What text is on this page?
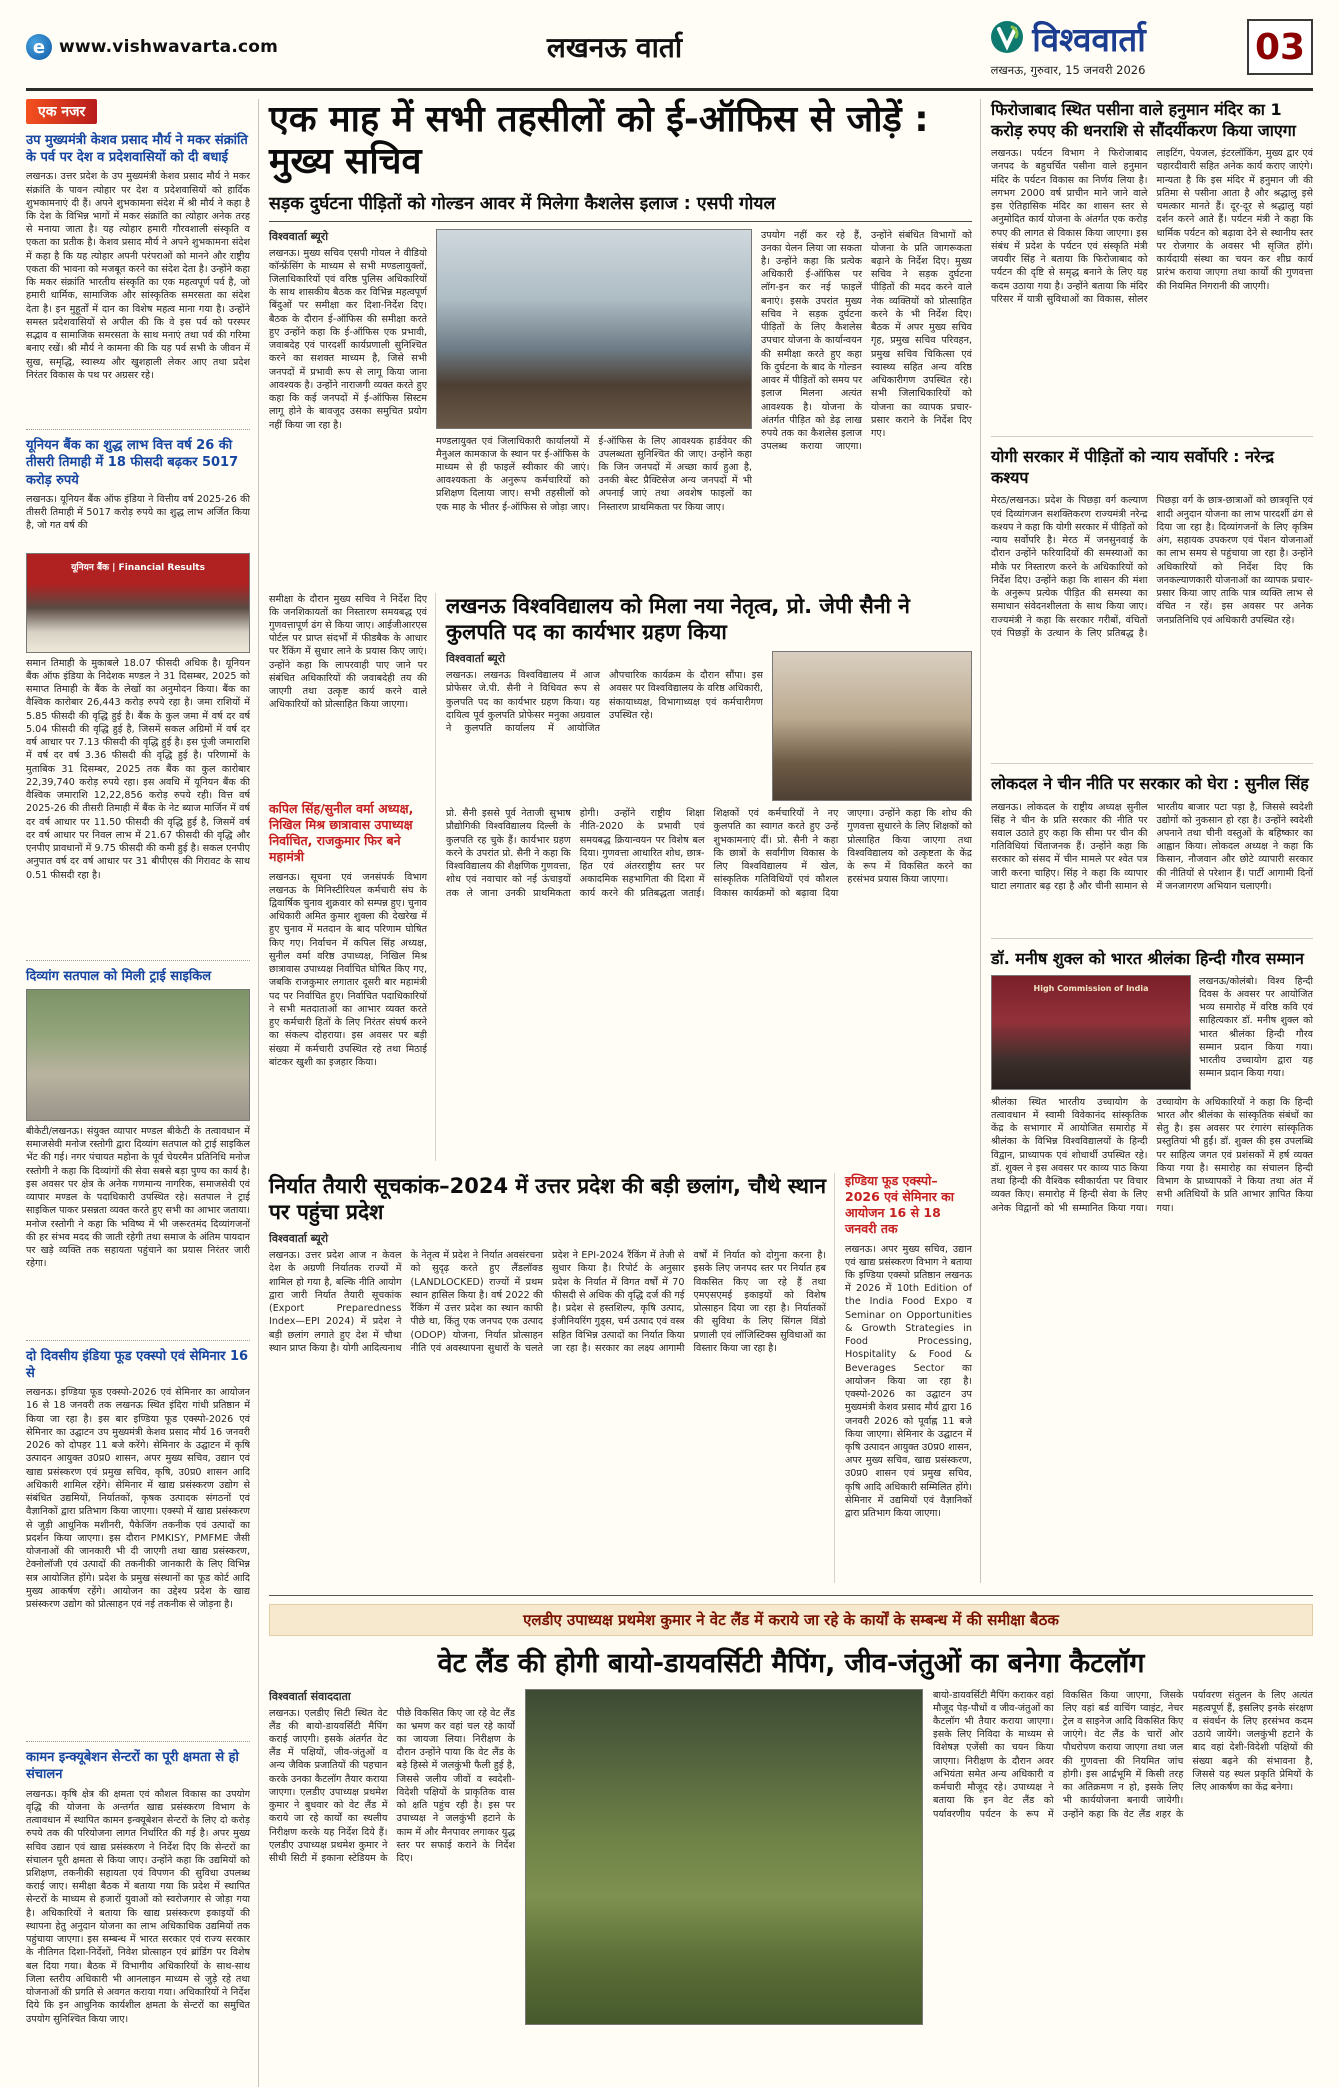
e www.vishwavarta.com	लखनऊ वार्ता	विश्ववार्ता
लखनऊ, गुरुवार, 15 जनवरी 2026
03
एक नजर
उप मुख्यमंत्री केशव प्रसाद मौर्य ने मकर संक्रांति के पर्व पर देश व प्रदेशवासियों को दी बधाई

लखनऊ। उत्तर प्रदेश के उप मुख्यमंत्री केशव प्रसाद मौर्य ने मकर संक्रांति के पावन त्योहार पर देश व प्रदेशवासियों को हार्दिक शुभकामनाएं दी हैं। अपने शुभकामना संदेश में श्री मौर्य ने कहा है कि देश के विभिन्न भागों में मकर संक्रांति का त्योहार अनेक तरह से मनाया जाता है। यह त्योहार हमारी गौरवशाली संस्कृति व एकता का प्रतीक है। केशव प्रसाद मौर्य ने अपने शुभकामना संदेश में कहा है कि यह त्योहार अपनी परंपराओं को मानने और राष्ट्रीय एकता की भावना को मजबूत करने का संदेश देता है। उन्होंने कहा कि मकर संक्रांति भारतीय संस्कृति का एक महत्वपूर्ण पर्व है, जो हमारी धार्मिक, सामाजिक और सांस्कृतिक समरसता का संदेश देता है। इन मुहूर्तों में दान का विशेष महत्व माना गया है। उन्होंने समस्त प्रदेशवासियों से अपील की कि वे इस पर्व को परस्पर सद्भाव व सामाजिक समरसता के साथ मनाएं तथा पर्व की गरिमा बनाए रखें। श्री मौर्य ने कामना की कि यह पर्व सभी के जीवन में सुख, समृद्धि, स्वास्थ्य और खुशहाली लेकर आए तथा प्रदेश निरंतर विकास के पथ पर अग्रसर रहे।

यूनियन बैंक का शुद्ध लाभ वित्त वर्ष 26 की तीसरी तिमाही में 18 फीसदी बढ़कर 5017 करोड़ रुपये

लखनऊ। यूनियन बैंक ऑफ इंडिया ने वित्तीय वर्ष 2025-26 की तीसरी तिमाही में 5017 करोड़ रुपये का शुद्ध लाभ अर्जित किया है, जो गत वर्ष की

यूनियन बैंक | Financial Results

समान तिमाही के मुकाबले 18.07 फीसदी अधिक है। यूनियन बैंक ऑफ इंडिया के निदेशक मण्डल ने 31 दिसम्बर, 2025 को समाप्त तिमाही के बैंक के लेखों का अनुमोदन किया। बैंक का वैश्विक कारोबार 26,443 करोड़ रुपये रहा है। जमा राशियों में 5.85 फीसदी की वृद्धि हुई है। बैंक के कुल जमा में वर्ष दर वर्ष 5.04 फीसदी की वृद्धि हुई है, जिसमें सकल अग्रिमों में वर्ष दर वर्ष आधार पर 7.13 फीसदी की वृद्धि हुई है। इस पूंजी जमाराशि में वर्ष दर वर्ष 3.36 फीसदी की वृद्धि हुई है। परिणामों के मुताबिक 31 दिसम्बर, 2025 तक बैंक का कुल कारोबार 22,39,740 करोड़ रुपये रहा। इस अवधि में यूनियन बैंक की वैश्विक जमाराशि 12,22,856 करोड़ रुपये रही। वित्त वर्ष 2025-26 की तीसरी तिमाही में बैंक के नेट ब्याज मार्जिन में वर्ष दर वर्ष आधार पर 11.50 फीसदी की वृद्धि हुई है, जिसमें वर्ष दर वर्ष आधार पर निवल लाभ में 21.67 फीसदी की वृद्धि और एनपीए प्रावधानों में 9.75 फीसदी की कमी हुई है। सकल एनपीए अनुपात वर्ष दर वर्ष आधार पर 31 बीपीएस की गिरावट के साथ 0.51 फीसदी रहा है।

दिव्यांग सतपाल को मिली ट्राई साइकिल

बीकेटी/लखनऊ। संयुक्त व्यापार मण्डल बीकेटी के तत्वावधान में समाजसेवी मनोज रस्तोगी द्वारा दिव्यांग सतपाल को ट्राई साइकिल भेंट की गई। नगर पंचायत महोना के पूर्व चेयरमैन प्रतिनिधि मनोज रस्तोगी ने कहा कि दिव्यांगों की सेवा सबसे बड़ा पुण्य का कार्य है। इस अवसर पर क्षेत्र के अनेक गणमान्य नागरिक, समाजसेवी एवं व्यापार मण्डल के पदाधिकारी उपस्थित रहे। सतपाल ने ट्राई साइकिल पाकर प्रसन्नता व्यक्त करते हुए सभी का आभार जताया। मनोज रस्तोगी ने कहा कि भविष्य में भी जरूरतमंद दिव्यांगजनों की हर संभव मदद की जाती रहेगी तथा समाज के अंतिम पायदान पर खड़े व्यक्ति तक सहायता पहुंचाने का प्रयास निरंतर जारी रहेगा।

दो दिवसीय इंडिया फूड एक्स्पो एवं सेमिनार 16 से

लखनऊ। इण्डिया फूड एक्स्पो-2026 एवं सेमिनार का आयोजन 16 से 18 जनवरी तक लखनऊ स्थित इंदिरा गांधी प्रतिष्ठान में किया जा रहा है। इस बार इण्डिया फूड एक्स्पो-2026 एवं सेमिनार का उद्घाटन उप मुख्यमंत्री केशव प्रसाद मौर्य 16 जनवरी 2026 को दोपहर 11 बजे करेंगे। सेमिनार के उद्घाटन में कृषि उत्पादन आयुक्त उ0प्र0 शासन, अपर मुख्य सचिव, उद्यान एवं खाद्य प्रसंस्करण एवं प्रमुख सचिव, कृषि, उ0प्र0 शासन आदि अधिकारी शामिल रहेंगे। सेमिनार में खाद्य प्रसंस्करण उद्योग से संबंधित उद्यमियों, निर्यातकों, कृषक उत्पादक संगठनों एवं वैज्ञानिकों द्वारा प्रतिभाग किया जाएगा। एक्स्पो में खाद्य प्रसंस्करण से जुड़ी आधुनिक मशीनरी, पैकेजिंग तकनीक एवं उत्पादों का प्रदर्शन किया जाएगा। इस दौरान PMKISY, PMFME जैसी योजनाओं की जानकारी भी दी जाएगी तथा खाद्य प्रसंस्करण, टेक्नोलॉजी एवं उत्पादों की तकनीकी जानकारी के लिए विभिन्न सत्र आयोजित होंगे। प्रदेश के प्रमुख संस्थानों का फूड कोर्ट आदि मुख्य आकर्षण रहेंगे। आयोजन का उद्देश्य प्रदेश के खाद्य प्रसंस्करण उद्योग को प्रोत्साहन एवं नई तकनीक से जोड़ना है।

कामन इन्क्यूबेशन सेन्टरों का पूरी क्षमता से हो संचालन

लखनऊ। कृषि क्षेत्र की क्षमता एवं कौशल विकास का उपयोग वृद्धि की योजना के अन्तर्गत खाद्य प्रसंस्करण विभाग के तत्वावधान में स्थापित कामन इन्क्यूबेशन सेन्टरों के लिए दो करोड़ रुपये तक की परियोजना लागत निर्धारित की गई है। अपर मुख्य सचिव उद्यान एवं खाद्य प्रसंस्करण ने निर्देश दिए कि सेन्टरों का संचालन पूरी क्षमता से किया जाए। उन्होंने कहा कि उद्यमियों को प्रशिक्षण, तकनीकी सहायता एवं विपणन की सुविधा उपलब्ध कराई जाए। समीक्षा बैठक में बताया गया कि प्रदेश में स्थापित सेन्टरों के माध्यम से हजारों युवाओं को स्वरोजगार से जोड़ा गया है। अधिकारियों ने बताया कि खाद्य प्रसंस्करण इकाइयों की स्थापना हेतु अनुदान योजना का लाभ अधिकाधिक उद्यमियों तक पहुंचाया जाएगा। इस सम्बन्ध में भारत सरकार एवं राज्य सरकार के नीतिगत दिशा-निर्देशों, निवेश प्रोत्साहन एवं ब्रांडिंग पर विशेष बल दिया गया। बैठक में विभागीय अधिकारियों के साथ-साथ जिला स्तरीय अधिकारी भी आनलाइन माध्यम से जुड़े रहे तथा योजनाओं की प्रगति से अवगत कराया गया। अधिकारियों ने निर्देश दिये कि इन आधुनिक कार्यशील क्षमता के सेन्टरों का समुचित उपयोग सुनिश्चित किया जाए।

एक माह में सभी तहसीलों को ई-ऑफिस से जोड़ें : मुख्य सचिव
सड़क दुर्घटना पीड़ितों को गोल्डन आवर में मिलेगा कैशलेस इलाज : एसपी गोयल
विश्ववार्ता ब्यूरो

लखनऊ। मुख्य सचिव एसपी गोयल ने वीडियो कॉन्फ्रेंसिंग के माध्यम से सभी मण्डलायुक्तों, जिलाधिकारियों एवं वरिष्ठ पुलिस अधिकारियों के साथ शासकीय बैठक कर विभिन्न महत्वपूर्ण बिंदुओं पर समीक्षा कर दिशा-निर्देश दिए। बैठक के दौरान ई-ऑफिस की समीक्षा करते हुए उन्होंने कहा कि ई-ऑफिस एक प्रभावी, जवाबदेह एवं पारदर्शी कार्यप्रणाली सुनिश्चित करने का सशक्त माध्यम है, जिसे सभी जनपदों में प्रभावी रूप से लागू किया जाना आवश्यक है। उन्होंने नाराजगी व्यक्त करते हुए कहा कि कई जनपदों में ई-ऑफिस सिस्टम लागू होने के बावजूद उसका समुचित प्रयोग नहीं किया जा रहा है।

मण्डलायुक्त एवं जिलाधिकारी कार्यालयों में मैनुअल कामकाज के स्थान पर ई-ऑफिस के माध्यम से ही फाइलें स्वीकार की जाएं। आवश्यकता के अनुरूप कर्मचारियों को प्रशिक्षण दिलाया जाए। सभी तहसीलों को एक माह के भीतर ई-ऑफिस से जोड़ा जाए। ई-ऑफिस के लिए आवश्यक हार्डवेयर की उपलब्धता सुनिश्चित की जाए। उन्होंने कहा कि जिन जनपदों में अच्छा कार्य हुआ है, उनकी बेस्ट प्रैक्टिसेज अन्य जनपदों में भी अपनाई जाएं तथा अवशेष फाइलों का निस्तारण प्राथमिकता पर किया जाए।

उपयोग नहीं कर रहे हैं, उनका येलन लिया जा सकता है। उन्होंने कहा कि प्रत्येक अधिकारी ई-ऑफिस पर लॉग-इन कर नई फाइलें बनाएं। इसके उपरांत मुख्य सचिव ने सड़क दुर्घटना पीड़ितों के लिए कैशलेस उपचार योजना के कार्यान्वयन की समीक्षा करते हुए कहा कि दुर्घटना के बाद के गोल्डन आवर में पीड़ितों को समय पर इलाज मिलना अत्यंत आवश्यक है। योजना के अंतर्गत पीड़ित को डेढ़ लाख रुपये तक का कैशलेस इलाज उपलब्ध कराया जाएगा। उन्होंने संबंधित विभागों को योजना के प्रति जागरूकता बढ़ाने के निर्देश दिए। मुख्य सचिव ने सड़क दुर्घटना पीड़ितों की मदद करने वाले नेक व्यक्तियों को प्रोत्साहित करने के भी निर्देश दिए। बैठक में अपर मुख्य सचिव गृह, प्रमुख सचिव परिवहन, प्रमुख सचिव चिकित्सा एवं स्वास्थ्य सहित अन्य वरिष्ठ अधिकारीगण उपस्थित रहे। सभी जिलाधिकारियों को योजना का व्यापक प्रचार-प्रसार कराने के निर्देश दिए गए।

समीक्षा के दौरान मुख्य सचिव ने निर्देश दिए कि जनशिकायतों का निस्तारण समयबद्ध एवं गुणवत्तापूर्ण ढंग से किया जाए। आईजीआरएस पोर्टल पर प्राप्त संदर्भों में फीडबैक के आधार पर रैंकिंग में सुधार लाने के प्रयास किए जाएं। उन्होंने कहा कि लापरवाही पाए जाने पर संबंधित अधिकारियों की जवाबदेही तय की जाएगी तथा उत्कृष्ट कार्य करने वाले अधिकारियों को प्रोत्साहित किया जाएगा।

कपिल सिंह/सुनील वर्मा अध्यक्ष, निखिल मिश्र छात्रावास उपाध्यक्ष निर्वाचित, राजकुमार फिर बने महामंत्री

लखनऊ। सूचना एवं जनसंपर्क विभाग लखनऊ के मिनिस्टीरियल कर्मचारी संघ के द्विवार्षिक चुनाव शुक्रवार को सम्पन्न हुए। चुनाव अधिकारी अमित कुमार शुक्ला की देखरेख में हुए चुनाव में मतदान के बाद परिणाम घोषित किए गए। निर्वाचन में कपिल सिंह अध्यक्ष, सुनील वर्मा वरिष्ठ उपाध्यक्ष, निखिल मिश्र छात्रावास उपाध्यक्ष निर्वाचित घोषित किए गए, जबकि राजकुमार लगातार दूसरी बार महामंत्री पद पर निर्वाचित हुए। निर्वाचित पदाधिकारियों ने सभी मतदाताओं का आभार व्यक्त करते हुए कर्मचारी हितों के लिए निरंतर संघर्ष करने का संकल्प दोहराया। इस अवसर पर बड़ी संख्या में कर्मचारी उपस्थित रहे तथा मिठाई बांटकर खुशी का इजहार किया।

लखनऊ विश्वविद्यालय को मिला नया नेतृत्व, प्रो. जेपी सैनी ने कुलपति पद का कार्यभार ग्रहण किया
विश्ववार्ता ब्यूरो

लखनऊ। लखनऊ विश्वविद्यालय में आज प्रोफेसर जे.पी. सैनी ने विधिवत रूप से कुलपति पद का कार्यभार ग्रहण किया। यह दायित्व पूर्व कुलपति प्रोफेसर मनुका अग्रवाल ने कुलपति कार्यालय में आयोजित औपचारिक कार्यक्रम के दौरान सौंपा। इस अवसर पर विश्वविद्यालय के वरिष्ठ अधिकारी, संकायाध्यक्ष, विभागाध्यक्ष एवं कर्मचारीगण उपस्थित रहे।

प्रो. सैनी इससे पूर्व नेताजी सुभाष प्रौद्योगिकी विश्वविद्यालय दिल्ली के कुलपति रह चुके हैं। कार्यभार ग्रहण करने के उपरांत प्रो. सैनी ने कहा कि विश्वविद्यालय की शैक्षणिक गुणवत्ता, शोध एवं नवाचार को नई ऊंचाइयों तक ले जाना उनकी प्राथमिकता होगी। उन्होंने राष्ट्रीय शिक्षा नीति-2020 के प्रभावी एवं समयबद्ध क्रियान्वयन पर विशेष बल दिया। गुणवत्ता आधारित शोध, छात्र-हित एवं अंतरराष्ट्रीय स्तर पर अकादमिक सहभागिता की दिशा में कार्य करने की प्रतिबद्धता जताई। शिक्षकों एवं कर्मचारियों ने नए कुलपति का स्वागत करते हुए उन्हें शुभकामनाएं दीं। प्रो. सैनी ने कहा कि छात्रों के सर्वांगीण विकास के लिए विश्वविद्यालय में खेल, सांस्कृतिक गतिविधियों एवं कौशल विकास कार्यक्रमों को बढ़ावा दिया जाएगा। उन्होंने कहा कि शोध की गुणवत्ता सुधारने के लिए शिक्षकों को प्रोत्साहित किया जाएगा तथा विश्वविद्यालय को उत्कृष्टता के केंद्र के रूप में विकसित करने का हरसंभव प्रयास किया जाएगा।

निर्यात तैयारी सूचकांक–2024 में उत्तर प्रदेश की बड़ी छलांग, चौथे स्थान पर पहुंचा प्रदेश
विश्ववार्ता ब्यूरो

लखनऊ। उत्तर प्रदेश आज न केवल देश के अग्रणी निर्यातक राज्यों में शामिल हो गया है, बल्कि नीति आयोग द्वारा जारी निर्यात तैयारी सूचकांक (Export Preparedness Index—EPI 2024) में प्रदेश ने बड़ी छलांग लगाते हुए देश में चौथा स्थान प्राप्त किया है। योगी आदित्यनाथ के नेतृत्व में प्रदेश ने निर्यात अवसंरचना को सुदृढ़ करते हुए लैंडलॉक्ड (LANDLOCKED) राज्यों में प्रथम स्थान हासिल किया है। वर्ष 2022 की रैंकिंग में उत्तर प्रदेश का स्थान काफी पीछे था, किंतु एक जनपद एक उत्पाद (ODOP) योजना, निर्यात प्रोत्साहन नीति एवं अवस्थापना सुधारों के चलते प्रदेश ने EPI-2024 रैंकिंग में तेजी से सुधार किया है। रिपोर्ट के अनुसार प्रदेश के निर्यात में विगत वर्षों में 70 फीसदी से अधिक की वृद्धि दर्ज की गई है। प्रदेश से हस्तशिल्प, कृषि उत्पाद, इंजीनियरिंग गुड्स, चर्म उत्पाद एवं वस्त्र सहित विभिन्न उत्पादों का निर्यात किया जा रहा है। सरकार का लक्ष्य आगामी वर्षों में निर्यात को दोगुना करना है। इसके लिए जनपद स्तर पर निर्यात हब विकसित किए जा रहे हैं तथा एमएसएमई इकाइयों को विशेष प्रोत्साहन दिया जा रहा है। निर्यातकों की सुविधा के लिए सिंगल विंडो प्रणाली एवं लॉजिस्टिक्स सुविधाओं का विस्तार किया जा रहा है।

इण्डिया फूड एक्स्पो–2026 एवं सेमिनार का आयोजन 16 से 18 जनवरी तक

लखनऊ। अपर मुख्य सचिव, उद्यान एवं खाद्य प्रसंस्करण विभाग ने बताया कि इण्डिया एक्स्पो प्रतिष्ठान लखनऊ में 2026 में 10th Edition of the India Food Expo व Seminar on Opportunities & Growth Strategies in Food Processing, Hospitality & Food & Beverages Sector का आयोजन किया जा रहा है। एक्स्पो-2026 का उद्घाटन उप मुख्यमंत्री केशव प्रसाद मौर्य द्वारा 16 जनवरी 2026 को पूर्वाह्न 11 बजे किया जाएगा। सेमिनार के उद्घाटन में कृषि उत्पादन आयुक्त उ0प्र0 शासन, अपर मुख्य सचिव, खाद्य प्रसंस्करण, उ0प्र0 शासन एवं प्रमुख सचिव, कृषि आदि अधिकारी सम्मिलित होंगे। सेमिनार में उद्यमियों एवं वैज्ञानिकों द्वारा प्रतिभाग किया जाएगा।

फिरोजाबाद स्थित पसीना वाले हनुमान मंदिर का 1 करोड़ रुपए की धनराशि से सौंदर्यीकरण किया जाएगा

लखनऊ। पर्यटन विभाग ने फिरोजाबाद जनपद के बहुचर्चित पसीना वाले हनुमान मंदिर के पर्यटन विकास का निर्णय लिया है। लगभग 2000 वर्ष प्राचीन माने जाने वाले इस ऐतिहासिक मंदिर का शासन स्तर से अनुमोदित कार्य योजना के अंतर्गत एक करोड़ रुपए की लागत से विकास किया जाएगा। इस संबंध में प्रदेश के पर्यटन एवं संस्कृति मंत्री जयवीर सिंह ने बताया कि फिरोजाबाद को पर्यटन की दृष्टि से समृद्ध बनाने के लिए यह कदम उठाया गया है। उन्होंने बताया कि मंदिर परिसर में यात्री सुविधाओं का विकास, सोलर लाइटिंग, पेयजल, इंटरलॉकिंग, मुख्य द्वार एवं चहारदीवारी सहित अनेक कार्य कराए जाएंगे। मान्यता है कि इस मंदिर में हनुमान जी की प्रतिमा से पसीना आता है और श्रद्धालु इसे चमत्कार मानते हैं। दूर-दूर से श्रद्धालु यहां दर्शन करने आते हैं। पर्यटन मंत्री ने कहा कि धार्मिक पर्यटन को बढ़ावा देने से स्थानीय स्तर पर रोजगार के अवसर भी सृजित होंगे। कार्यदायी संस्था का चयन कर शीघ्र कार्य प्रारंभ कराया जाएगा तथा कार्यों की गुणवत्ता की नियमित निगरानी की जाएगी।

योगी सरकार में पीड़ितों को न्याय सर्वोपरि : नरेन्द्र कश्यप

मेरठ/लखनऊ। प्रदेश के पिछड़ा वर्ग कल्याण एवं दिव्यांगजन सशक्तिकरण राज्यमंत्री नरेन्द्र कश्यप ने कहा कि योगी सरकार में पीड़ितों को न्याय सर्वोपरि है। मेरठ में जनसुनवाई के दौरान उन्होंने फरियादियों की समस्याओं का मौके पर निस्तारण करने के अधिकारियों को निर्देश दिए। उन्होंने कहा कि शासन की मंशा के अनुरूप प्रत्येक पीड़ित की समस्या का समाधान संवेदनशीलता के साथ किया जाए। राज्यमंत्री ने कहा कि सरकार गरीबों, वंचितों एवं पिछड़ों के उत्थान के लिए प्रतिबद्ध है। पिछड़ा वर्ग के छात्र-छात्राओं को छात्रवृत्ति एवं शादी अनुदान योजना का लाभ पारदर्शी ढंग से दिया जा रहा है। दिव्यांगजनों के लिए कृत्रिम अंग, सहायक उपकरण एवं पेंशन योजनाओं का लाभ समय से पहुंचाया जा रहा है। उन्होंने अधिकारियों को निर्देश दिए कि जनकल्याणकारी योजनाओं का व्यापक प्रचार-प्रसार किया जाए ताकि पात्र व्यक्ति लाभ से वंचित न रहें। इस अवसर पर अनेक जनप्रतिनिधि एवं अधिकारी उपस्थित रहे।

लोकदल ने चीन नीति पर सरकार को घेरा : सुनील सिंह

लखनऊ। लोकदल के राष्ट्रीय अध्यक्ष सुनील सिंह ने चीन के प्रति सरकार की नीति पर सवाल उठाते हुए कहा कि सीमा पर चीन की गतिविधियां चिंताजनक हैं। उन्होंने कहा कि सरकार को संसद में चीन मामले पर श्वेत पत्र जारी करना चाहिए। सिंह ने कहा कि व्यापार घाटा लगातार बढ़ रहा है और चीनी सामान से भारतीय बाजार पटा पड़ा है, जिससे स्वदेशी उद्योगों को नुकसान हो रहा है। उन्होंने स्वदेशी अपनाने तथा चीनी वस्तुओं के बहिष्कार का आह्वान किया। लोकदल अध्यक्ष ने कहा कि किसान, नौजवान और छोटे व्यापारी सरकार की नीतियों से परेशान हैं। पार्टी आगामी दिनों में जनजागरण अभियान चलाएगी।

डॉ. मनीष शुक्ल को भारत श्रीलंका हिन्दी गौरव सम्मान
High Commission of India

लखनऊ/कोलंबो। विश्व हिन्दी दिवस के अवसर पर आयोजित भव्य समारोह में वरिष्ठ कवि एवं साहित्यकार डॉ. मनीष शुक्ल को भारत श्रीलंका हिन्दी गौरव सम्मान प्रदान किया गया। भारतीय उच्चायोग द्वारा यह सम्मान प्रदान किया गया।

श्रीलंका स्थित भारतीय उच्चायोग के तत्वावधान में स्वामी विवेकानंद सांस्कृतिक केंद्र के सभागार में आयोजित समारोह में श्रीलंका के विभिन्न विश्वविद्यालयों के हिन्दी विद्वान, प्राध्यापक एवं शोधार्थी उपस्थित रहे। डॉ. शुक्ल ने इस अवसर पर काव्य पाठ किया तथा हिन्दी की वैश्विक स्वीकार्यता पर विचार व्यक्त किए। समारोह में हिन्दी सेवा के लिए अनेक विद्वानों को भी सम्मानित किया गया। उच्चायोग के अधिकारियों ने कहा कि हिन्दी भारत और श्रीलंका के सांस्कृतिक संबंधों का सेतु है। इस अवसर पर रंगारंग सांस्कृतिक प्रस्तुतियां भी हुईं। डॉ. शुक्ल की इस उपलब्धि पर साहित्य जगत एवं प्रशंसकों में हर्ष व्यक्त किया गया है। समारोह का संचालन हिन्दी विभाग के प्राध्यापकों ने किया तथा अंत में सभी अतिथियों के प्रति आभार ज्ञापित किया गया।

एलडीए उपाध्यक्ष प्रथमेश कुमार ने वेट लैंड में कराये जा रहे के कार्यों के सम्बन्ध में की समीक्षा बैठक
वेट लैंड की होगी बायो-डायवर्सिटी मैपिंग, जीव-जंतुओं का बनेगा कैटलॉग
विश्ववार्ता संवाददाता

लखनऊ। एलडीए सिटी स्थित वेट लैंड की बायो-डायवर्सिटी मैपिंग कराई जाएगी। इसके अंतर्गत वेट लैंड में पक्षियों, जीव-जंतुओं व अन्य जैविक प्रजातियों की पहचान करके उनका कैटलॉग तैयार कराया जाएगा। एलडीए उपाध्यक्ष प्रथमेश कुमार ने बुधवार को वेट लैंड में कराये जा रहे कार्यों का स्थलीय निरीक्षण करके यह निर्देश दिये हैं। एलडीए उपाध्यक्ष प्रथमेश कुमार ने सीधी सिटी में इकाना स्टेडियम के पीछे विकसित किए जा रहे वेट लैंड का भ्रमण कर वहां चल रहे कार्यों का जायजा लिया। निरीक्षण के दौरान उन्होंने पाया कि वेट लैंड के बड़े हिस्से में जलकुंभी फैली हुई है, जिससे जलीय जीवों व स्वदेशी-विदेशी पक्षियों के प्राकृतिक वास को क्षति पहुंच रही है। इस पर उपाध्यक्ष ने जलकुंभी हटाने के काम में और मैनपावर लगाकर युद्ध स्तर पर सफाई कराने के निर्देश दिए।

बायो-डायवर्सिटी मैपिंग कराकर वहां मौजूद पेड़-पौधों व जीव-जंतुओं का कैटलॉग भी तैयार कराया जाएगा। इसके लिए निविदा के माध्यम से विशेषज्ञ एजेंसी का चयन किया जाएगा। निरीक्षण के दौरान अवर अभियंता समेत अन्य अधिकारी व कर्मचारी मौजूद रहे। उपाध्यक्ष ने बताया कि इन वेट लैंड को पर्यावरणीय पर्यटन के रूप में विकसित किया जाएगा, जिसके लिए वहां बर्ड वाचिंग प्वाइंट, नेचर ट्रेल व साइनेज आदि विकसित किए जाएंगे। वेट लैंड के चारों ओर पौधरोपण कराया जाएगा तथा जल की गुणवत्ता की नियमित जांच होगी। इस आर्द्रभूमि में किसी तरह का अतिक्रमण न हो, इसके लिए भी कार्ययोजना बनायी जायेगी। उन्होंने कहा कि वेट लैंड शहर के पर्यावरण संतुलन के लिए अत्यंत महत्वपूर्ण हैं, इसलिए इनके संरक्षण व संवर्धन के लिए हरसंभव कदम उठाये जायेंगे। जलकुंभी हटाने के बाद वहां देशी-विदेशी पक्षियों की संख्या बढ़ने की संभावना है, जिससे यह स्थल प्रकृति प्रेमियों के लिए आकर्षण का केंद्र बनेगा।
